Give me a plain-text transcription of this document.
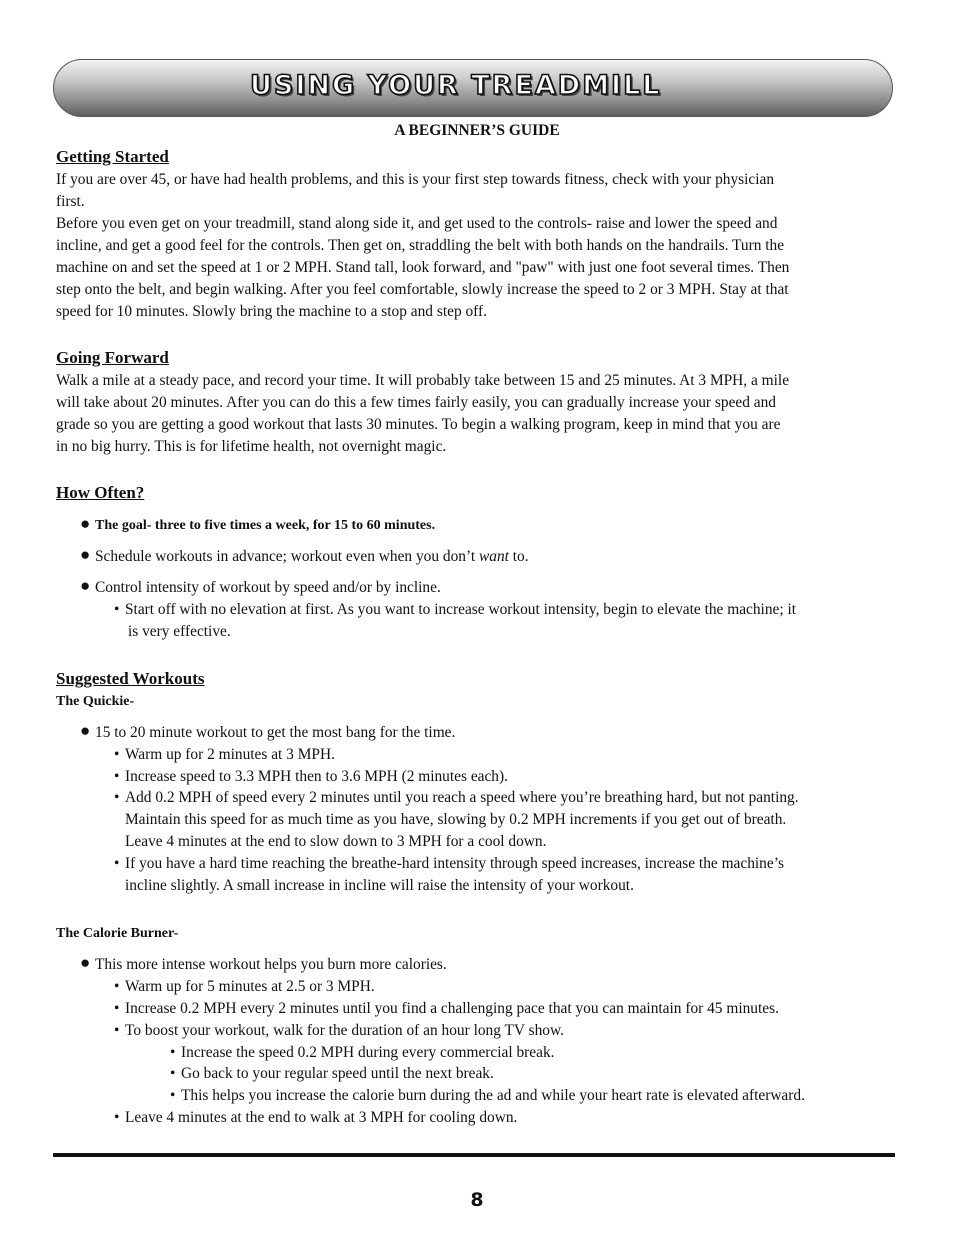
USING YOUR TREADMILL
A BEGINNER’S GUIDE
Getting Started

If you are over 45, or have had health problems, and this is your first step towards fitness, check with your physician

first.

Before you even get on your treadmill, stand along side it, and get used to the controls- raise and lower the speed and

incline, and get a good feel for the controls. Then get on, straddling the belt with both hands on the handrails. Turn the

machine on and set the speed at 1 or 2 MPH. Stand tall, look forward, and "paw" with just one foot several times. Then

step onto the belt, and begin walking. After you feel comfortable, slowly increase the speed to 2 or 3 MPH. Stay at that

speed for 10 minutes. Slowly bring the machine to a stop and step off.

Going Forward

Walk a mile at a steady pace, and record your time. It will probably take between 15 and 25 minutes. At 3 MPH, a mile

will take about 20 minutes. After you can do this a few times fairly easily, you can gradually increase your speed and

grade so you are getting a good workout that lasts 30 minutes. To begin a walking program, keep in mind that you are

in no big hurry. This is for lifetime health, not overnight magic.

How Often?
● The goal- three to five times a week, for 15 to 60 minutes.
● Schedule workouts in advance; workout even when you don’t want to.
● Control intensity of workout by speed and/or by incline.
• Start off with no elevation at first. As you want to increase workout intensity, begin to elevate the machine; it
is very effective.
Suggested Workouts
The Quickie-
● 15 to 20 minute workout to get the most bang for the time.
• Warm up for 2 minutes at 3 MPH.
• Increase speed to 3.3 MPH then to 3.6 MPH (2 minutes each).
• Add 0.2 MPH of speed every 2 minutes until you reach a speed where you’re breathing hard, but not panting.
Maintain this speed for as much time as you have, slowing by 0.2 MPH increments if you get out of breath.
Leave 4 minutes at the end to slow down to 3 MPH for a cool down.
• If you have a hard time reaching the breathe-hard intensity through speed increases, increase the machine’s
incline slightly. A small increase in incline will raise the intensity of your workout.
The Calorie Burner-
● This more intense workout helps you burn more calories.
• Warm up for 5 minutes at 2.5 or 3 MPH.
• Increase 0.2 MPH every 2 minutes until you find a challenging pace that you can maintain for 45 minutes.
• To boost your workout, walk for the duration of an hour long TV show.
• Increase the speed 0.2 MPH during every commercial break.
• Go back to your regular speed until the next break.
• This helps you increase the calorie burn during the ad and while your heart rate is elevated afterward.
• Leave 4 minutes at the end to walk at 3 MPH for cooling down.
8
